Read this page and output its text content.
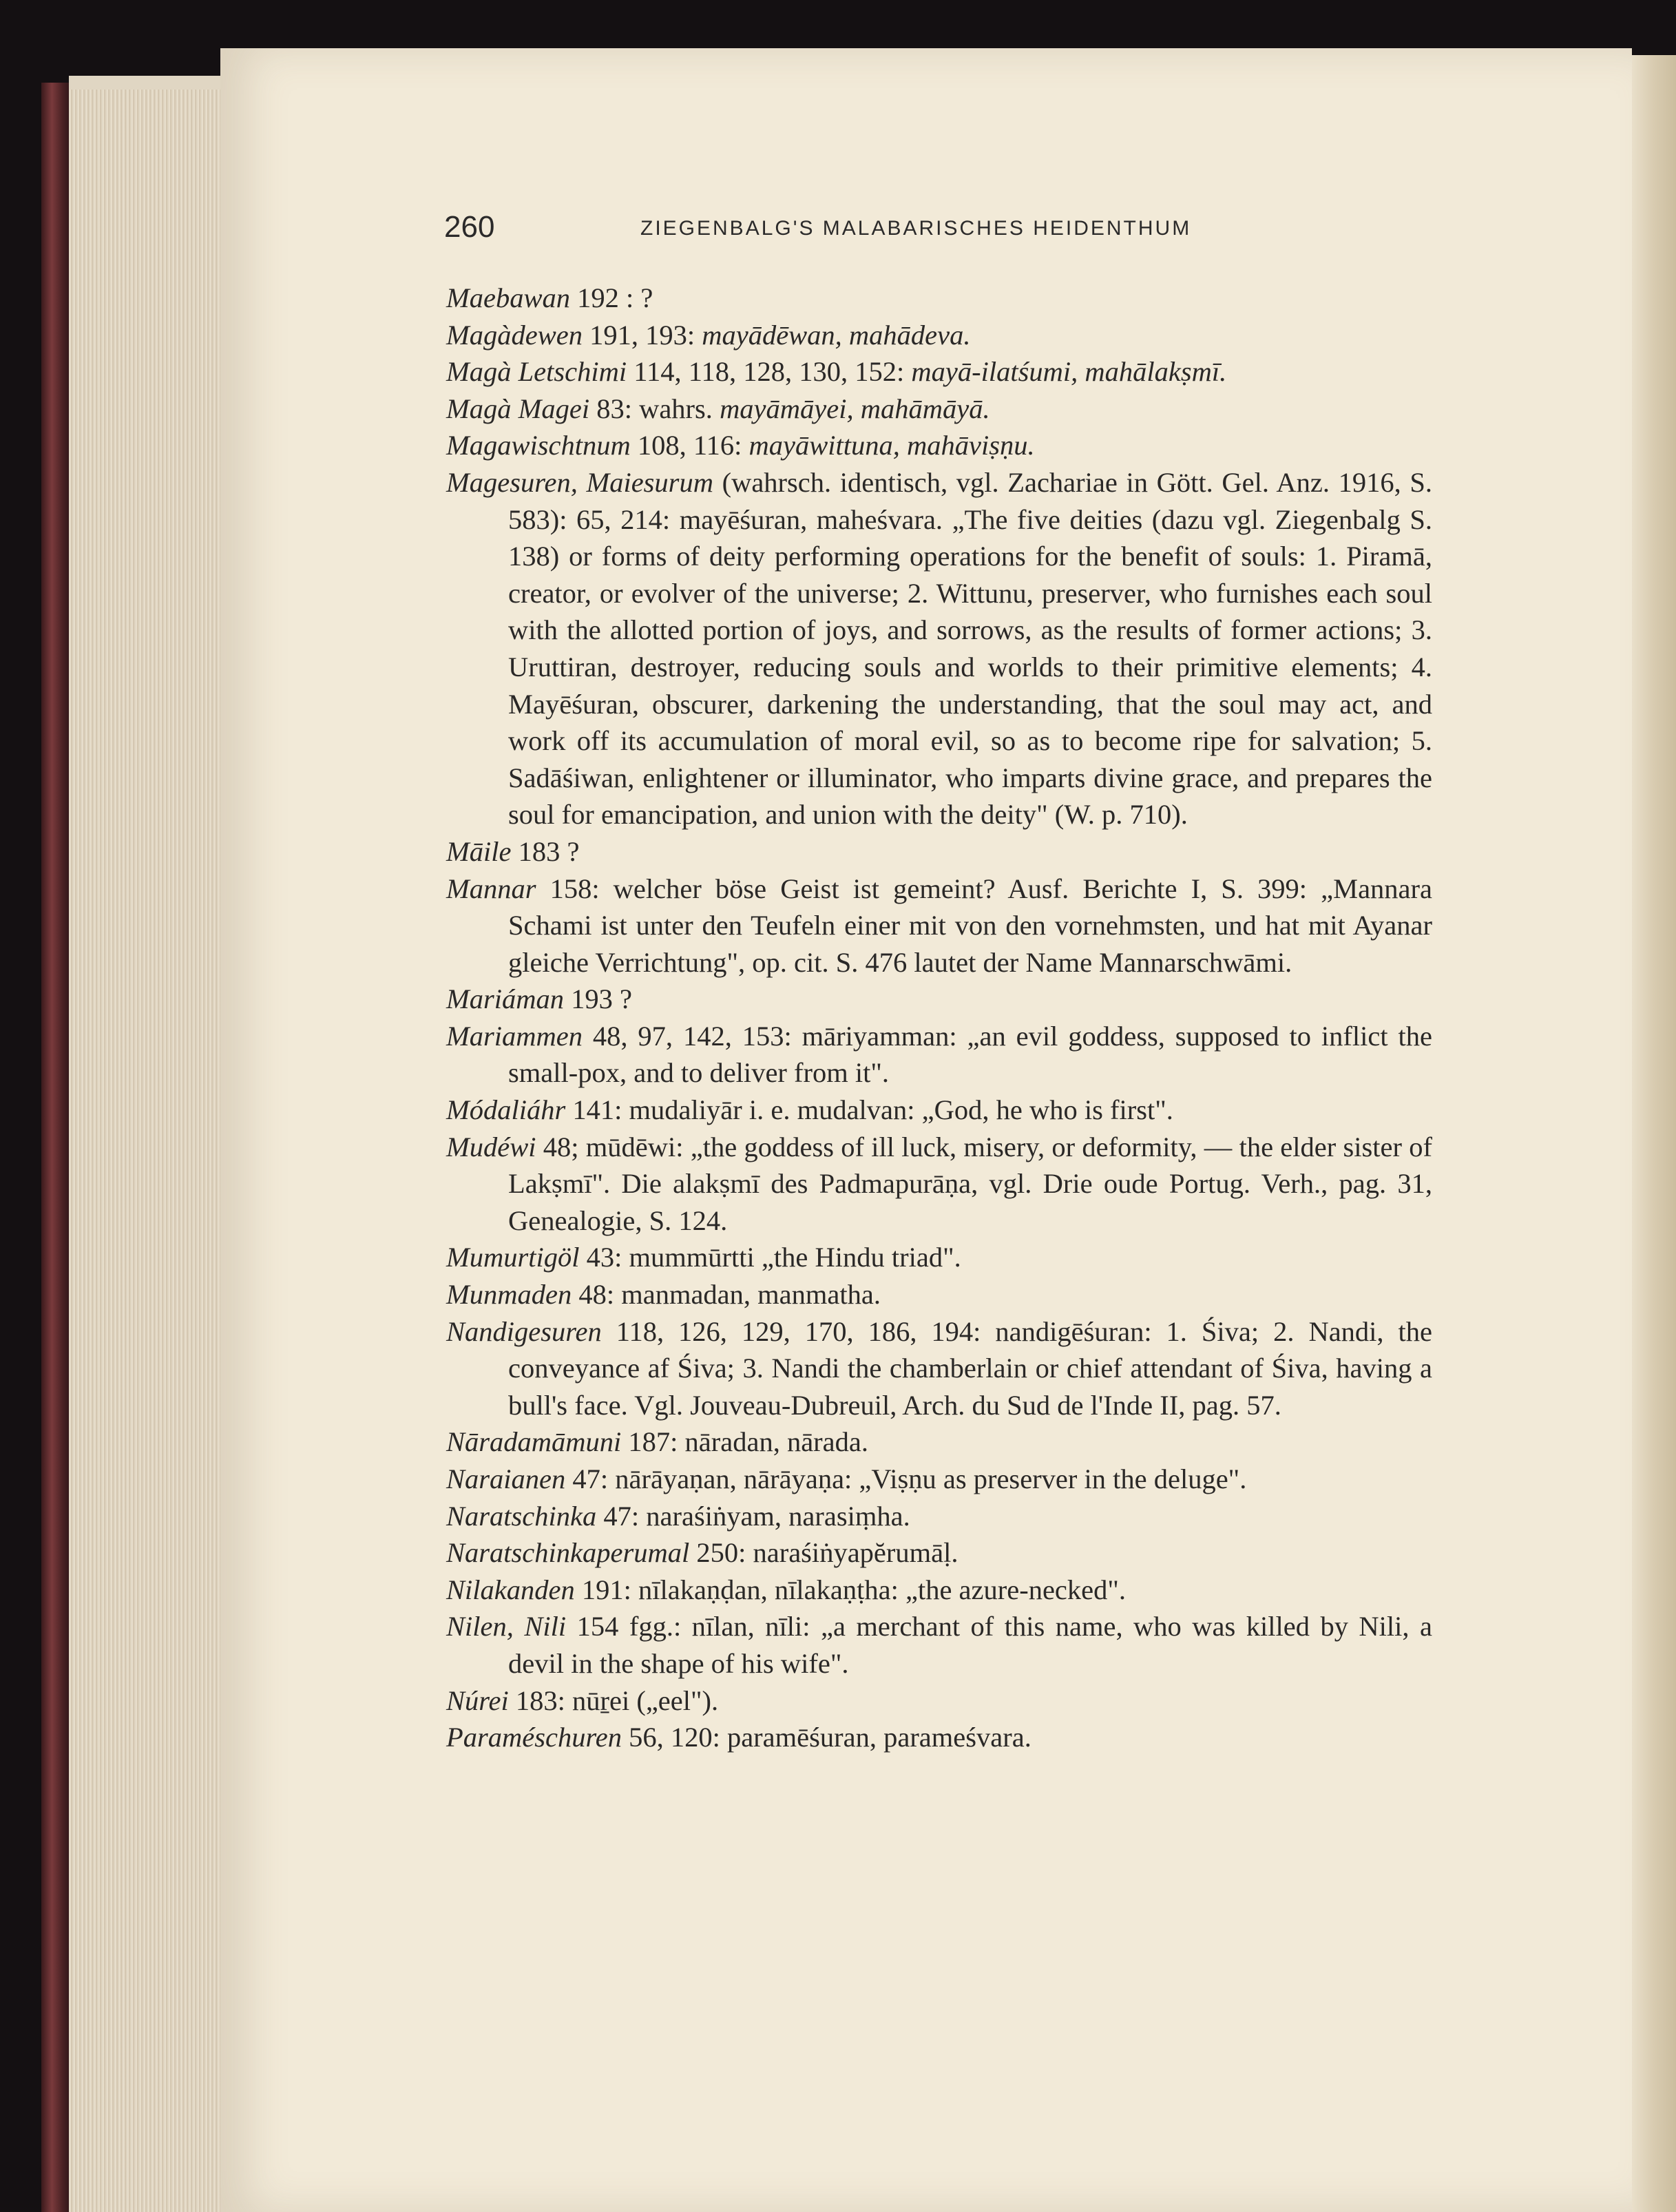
260	ZIEGENBALG'S MALABARISCHES HEIDENTHUM

Maebawan 192 : ?

Magàdewen 191, 193: mayādēwan, mahādeva.

Magà Letschimi 114, 118, 128, 130, 152: mayā-ilatśumi, mahālakṣmī.

Magà Magei 83: wahrs. mayāmāyei, mahāmāyā.

Magawischtnum 108, 116: mayāwittuna, mahāviṣṇu.

Magesuren, Maiesurum (wahrsch. identisch, vgl. Zachariae in Gött. Gel. Anz. 1916, S. 583): 65, 214: mayēśuran, maheśvara. „The five deities (dazu vgl. Ziegenbalg S. 138) or forms of deity performing operations for the benefit of souls: 1. Piramā, creator, or evolver of the universe; 2. Wittunu, preserver, who furnishes each soul with the allotted portion of joys, and sorrows, as the results of former actions; 3. Uruttiran, destroyer, reducing souls and worlds to their primitive elements; 4. Mayēśuran, obscurer, darkening the understanding, that the soul may act, and work off its accumulation of moral evil, so as to become ripe for salvation; 5. Sadāśiwan, enlightener or illuminator, who imparts divine grace, and prepares the soul for emancipation, and union with the deity" (W. p. 710).

Māile 183 ?

Mannar 158: welcher böse Geist ist gemeint? Ausf. Berichte I, S. 399: „Mannara Schami ist unter den Teufeln einer mit von den vornehmsten, und hat mit Ayanar gleiche Verrichtung", op. cit. S. 476 lautet der Name Mannarschwāmi.

Mariáman 193 ?

Mariammen 48, 97, 142, 153: māriyamman: „an evil goddess, supposed to inflict the small-pox, and to deliver from it".

Módaliáhr 141: mudaliyār i. e. mudalvan: „God, he who is first".

Mudéwi 48; mūdēwi: „the goddess of ill luck, misery, or deformity, — the elder sister of Lakṣmī". Die alakṣmī des Padmapurāṇa, vgl. Drie oude Portug. Verh., pag. 31, Genealogie, S. 124.

Mumurtigöl 43: mummūrtti „the Hindu triad".

Munmaden 48: manmadan, manmatha.

Nandigesuren 118, 126, 129, 170, 186, 194: nandigēśuran: 1. Śiva; 2. Nandi, the conveyance af Śiva; 3. Nandi the chamberlain or chief attendant of Śiva, having a bull's face. Vgl. Jouveau-Dubreuil, Arch. du Sud de l'Inde II, pag. 57.

Nāradamāmuni 187: nāradan, nārada.

Naraianen 47: nārāyaṇan, nārāyaṇa: „Viṣṇu as preserver in the deluge".

Naratschinka 47: naraśiṅyam, narasiṃha.

Naratschinkaperumal 250: naraśiṅyapĕrumāḷ.

Nilakanden 191: nīlakaṇḍan, nīlakaṇṭha: „the azure-necked".

Nilen, Nili 154 fgg.: nīlan, nīli: „a merchant of this name, who was killed by Nili, a devil in the shape of his wife".

Núrei 183: nūṟei („eel").

Paraméschuren 56, 120: paramēśuran, parameśvara.
